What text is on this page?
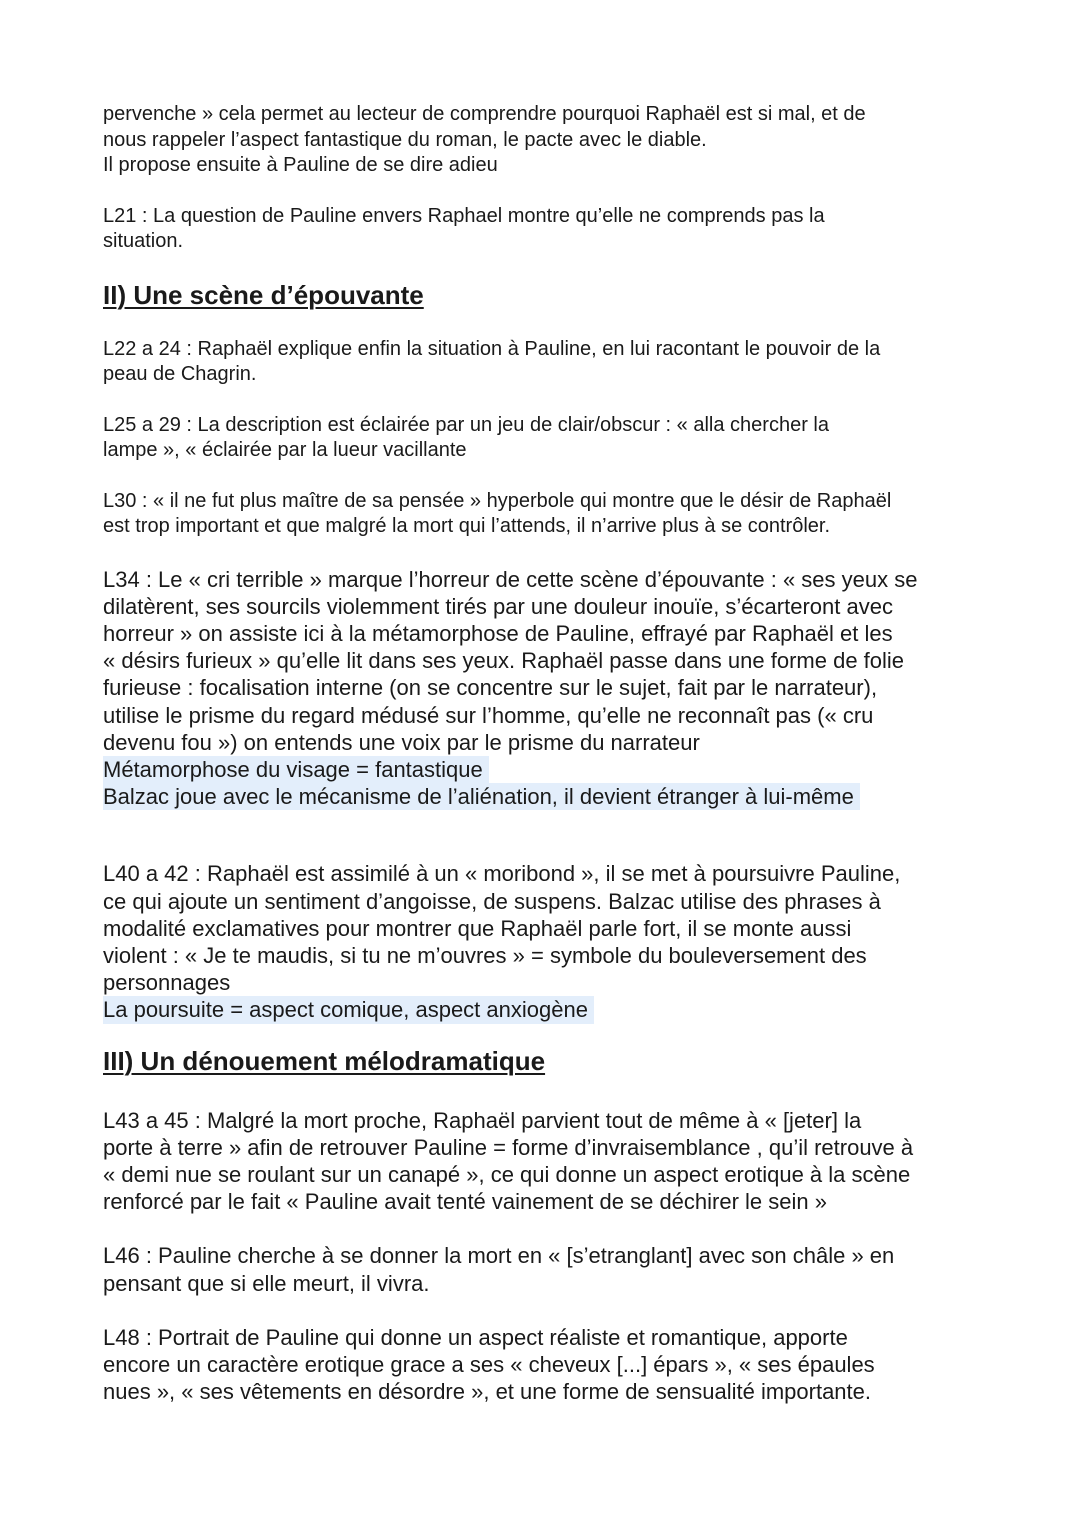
pervenche » cela permet au lecteur de comprendre pourquoi Raphaël est si mal, et de
nous rappeler l’aspect fantastique du roman, le pacte avec le diable.
Il propose ensuite à Pauline de se dire adieu

L21 : La question de Pauline envers Raphael montre qu’elle ne comprends pas la
situation.

II) Une scène d’épouvante

L22 a 24 : Raphaël explique enfin la situation à Pauline, en lui racontant le pouvoir de la
peau de Chagrin.

L25 a 29 : La description est éclairée par un jeu de clair/obscur : « alla chercher la
lampe », « éclairée par la lueur vacillante

L30 : « il ne fut plus maître de sa pensée » hyperbole qui montre que le désir de Raphaël
est trop important et que malgré la mort qui l’attends, il n’arrive plus à se contrôler.

L34 : Le « cri terrible » marque l’horreur de cette scène d’épouvante : « ses yeux se
dilatèrent, ses sourcils violemment tirés par une douleur inouïe, s’écarteront avec
horreur » on assiste ici à la métamorphose de Pauline, effrayé par Raphaël et les
« désirs furieux » qu’elle lit dans ses yeux. Raphaël passe dans une forme de folie
furieuse : focalisation interne (on se concentre sur le sujet, fait par le narrateur),
utilise le prisme du regard médusé sur l’homme, qu’elle ne reconnaît pas (« cru
devenu fou ») on entends une voix par le prisme du narrateur
Métamorphose du visage = fantastique
Balzac joue avec le mécanisme de l’aliénation, il devient étranger à lui-même

L40 a 42 : Raphaël est assimilé à un « moribond », il se met à poursuivre Pauline,
ce qui ajoute un sentiment d’angoisse, de suspens. Balzac utilise des phrases à
modalité exclamatives pour montrer que Raphaël parle fort, il se monte aussi
violent : « Je te maudis, si tu ne m’ouvres » = symbole du bouleversement des
personnages
La poursuite = aspect comique, aspect anxiogène

III) Un dénouement mélodramatique

L43 a 45 : Malgré la mort proche, Raphaël parvient tout de même à « [jeter] la
porte à terre » afin de retrouver Pauline = forme d’invraisemblance , qu’il retrouve à
« demi nue se roulant sur un canapé », ce qui donne un aspect erotique à la scène
renforcé par le fait « Pauline avait tenté vainement de se déchirer le sein »

L46 : Pauline cherche à se donner la mort en « [s’etranglant] avec son châle » en
pensant que si elle meurt, il vivra.

L48 : Portrait de Pauline qui donne un aspect réaliste et romantique, apporte
encore un caractère erotique grace a ses « cheveux [...] épars », « ses épaules
nues », « ses vêtements en désordre », et une forme de sensualité importante.
